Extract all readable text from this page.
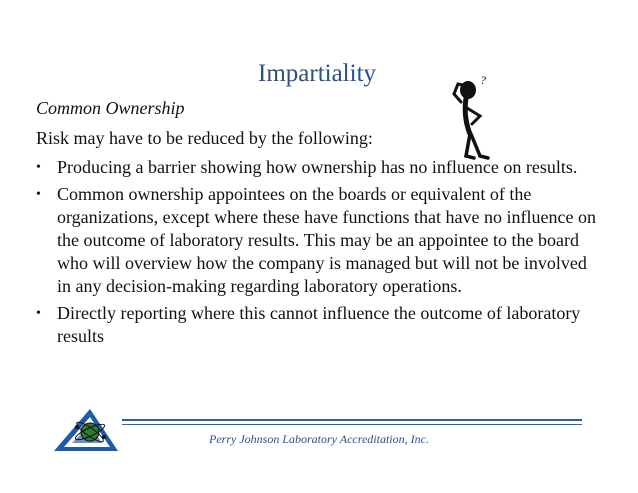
Impartiality	?
Common Ownership
Risk may have to be reduced by the following:
• Producing a barrier showing how ownership has no influence on results.
• Common ownership appointees on the boards or equivalent of the organizations, except where these have functions that have no influence on the outcome of laboratory results. This may be an appointee to the board who will overview how the company is managed but will not be involved in any decision-making regarding laboratory operations.
• Directly reporting where this cannot influence the outcome of laboratory results
Perry Johnson Laboratory Accreditation, Inc.
